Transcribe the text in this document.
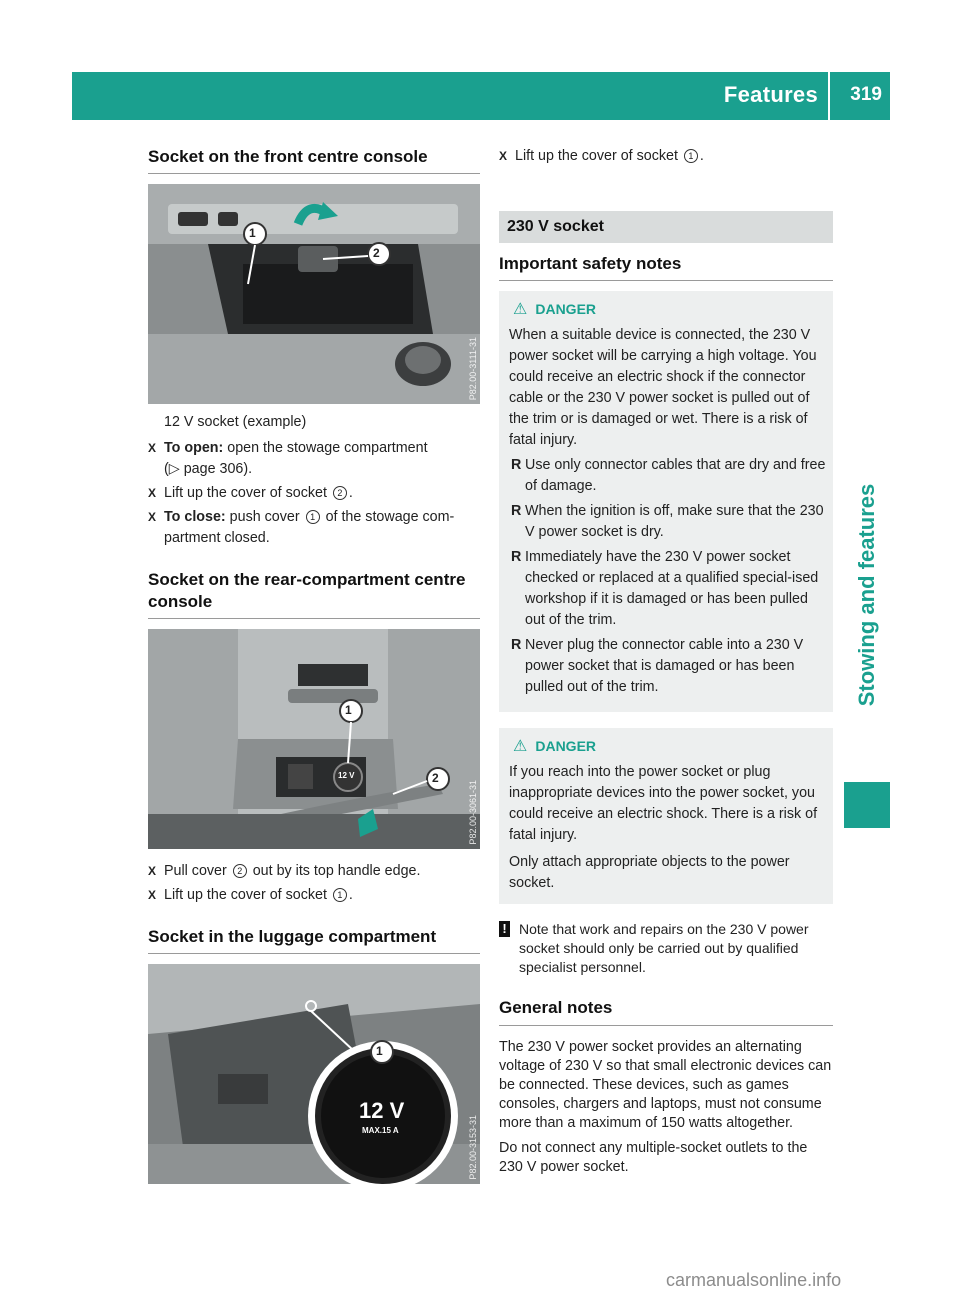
Features 319
Stowing and features
Socket on the front centre console
1
2
P82.00-3111-31
12 V socket (example)
X To open: open the stowage compartment
(▷ page 306).
X Lift up the cover of socket 2 .
X To close: push cover 1 of the stowage com-partment closed.
Socket on the rear-compartment centre console
12 V
1
2
P82.00-3061-31
X Pull cover 2 out by its top handle edge.
X Lift up the cover of socket 1 .
Socket in the luggage compartment
12 V
MAX.15 A
1
P82.00-3153-31
X Lift up the cover of socket 1 .
230 V socket
Important safety notes
⚠ DANGER

When a suitable device is connected, the 230 V power socket will be carrying a high voltage. You could receive an electric shock if the connector cable or the 230 V power socket is pulled out of the trim or is damaged or wet. There is a risk of fatal injury.

R Use only connector cables that are dry and free of damage.
R When the ignition is off, make sure that the 230 V power socket is dry.
R Immediately have the 230 V power socket checked or replaced at a qualified special-ised workshop if it is damaged or has been pulled out of the trim.
R Never plug the connector cable into a 230 V power socket that is damaged or has been pulled out of the trim.
⚠ DANGER

If you reach into the power socket or plug inappropriate devices into the power socket, you could receive an electric shock. There is a risk of fatal injury.

Only attach appropriate objects to the power socket.

! Note that work and repairs on the 230 V power socket should only be carried out by qualified specialist personnel.
General notes

The 230 V power socket provides an alternating voltage of 230 V so that small electronic devices can be connected. These devices, such as games consoles, chargers and laptops, must not consume more than a maximum of 150 watts altogether.

Do not connect any multiple-socket outlets to the 230 V power socket.

carmanualsonline.info
